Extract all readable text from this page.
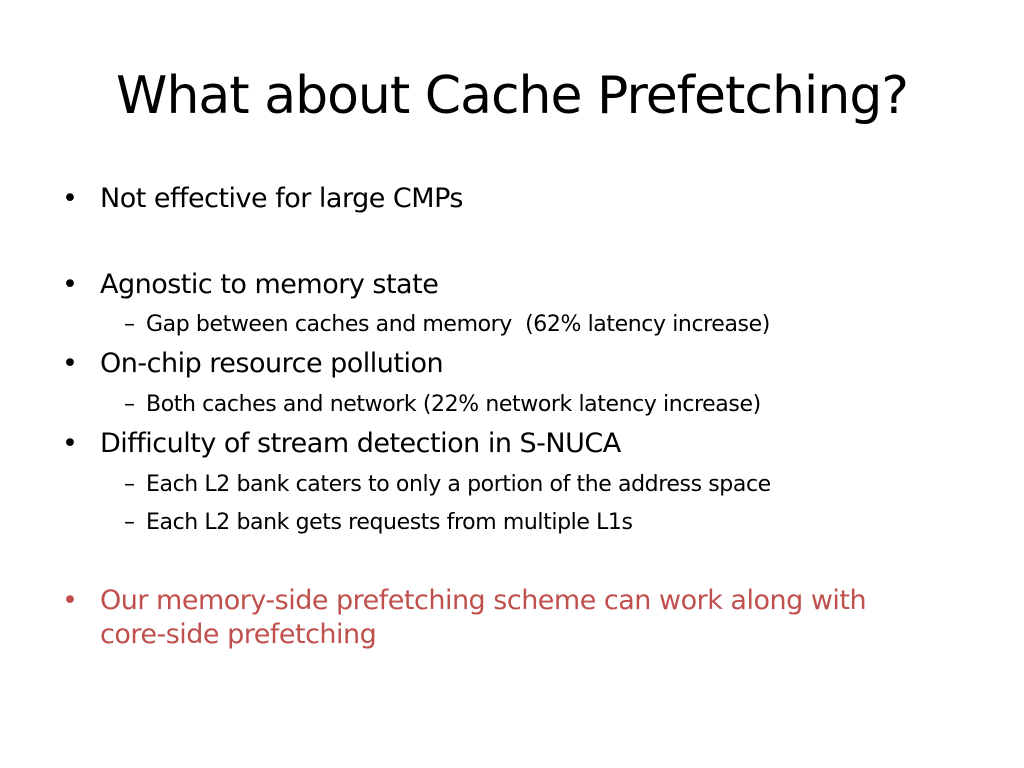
What about Cache Prefetching?
• Not effective for large CMPs
• Agnostic to memory state
– Gap between caches and memory  (62% latency increase)
• On-chip resource pollution
– Both caches and network (22% network latency increase)
• Difficulty of stream detection in S-NUCA
– Each L2 bank caters to only a portion of the address space
– Each L2 bank gets requests from multiple L1s
• Our memory-side prefetching scheme can work along with
core-side prefetching
